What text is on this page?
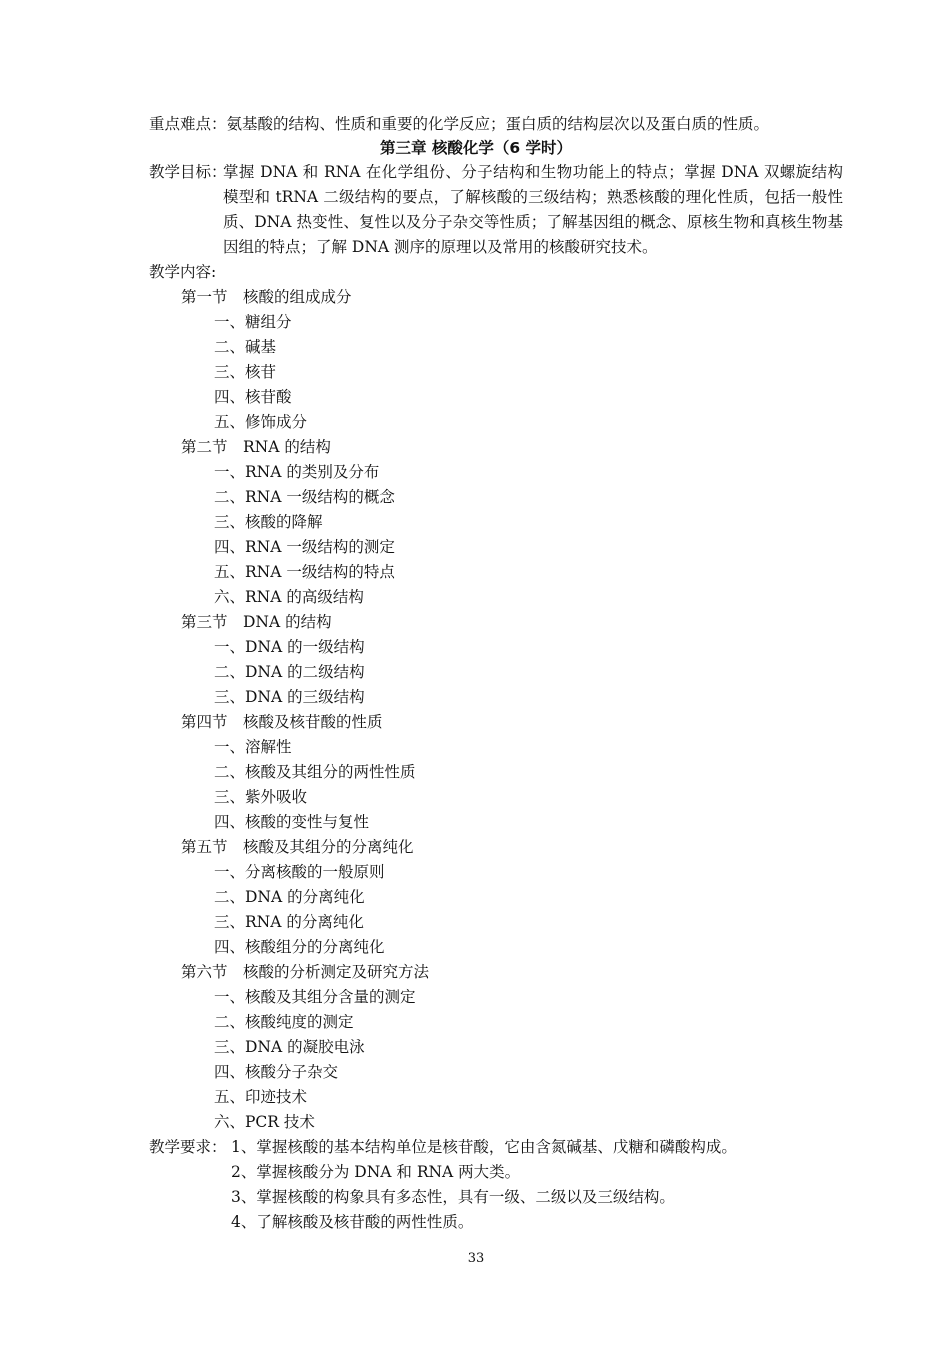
重点难点：氨基酸的结构、性质和重要的化学反应；蛋白质的结构层次以及蛋白质的性质。
第三章 核酸化学（6 学时）
教学目标：
掌握 DNA 和 RNA 在化学组份、分子结构和生物功能上的特点；掌握 DNA 双螺旋结构模型和 tRNA 二级结构的要点，了解核酸的三级结构；熟悉核酸的理化性质，包括一般性质、DNA 热变性、复性以及分子杂交等性质；了解基因组的概念、原核生物和真核生物基因组的特点；了解 DNA 测序的原理以及常用的核酸研究技术。
教学内容:
第一节　核酸的组成成分
一、糖组分
二、碱基
三、核苷
四、核苷酸
五、修饰成分
第二节　RNA 的结构
一、RNA 的类别及分布
二、RNA 一级结构的概念
三、核酸的降解
四、RNA 一级结构的测定
五、RNA 一级结构的特点
六、RNA 的高级结构
第三节　DNA 的结构
一、DNA 的一级结构
二、DNA 的二级结构
三、DNA 的三级结构
第四节　核酸及核苷酸的性质
一、溶解性
二、核酸及其组分的两性性质
三、紫外吸收
四、核酸的变性与复性
第五节　核酸及其组分的分离纯化
一、分离核酸的一般原则
二、DNA 的分离纯化
三、RNA 的分离纯化
四、核酸组分的分离纯化
第六节　核酸的分析测定及研究方法
一、核酸及其组分含量的测定
二、核酸纯度的测定
三、DNA 的凝胶电泳
四、核酸分子杂交
五、印迹技术
六、PCR 技术
教学要求： 1、掌握核酸的基本结构单位是核苷酸，它由含氮碱基、戊糖和磷酸构成。
2、掌握核酸分为 DNA 和 RNA 两大类。
3、掌握核酸的构象具有多态性，具有一级、二级以及三级结构。
4、了解核酸及核苷酸的两性性质。
33
